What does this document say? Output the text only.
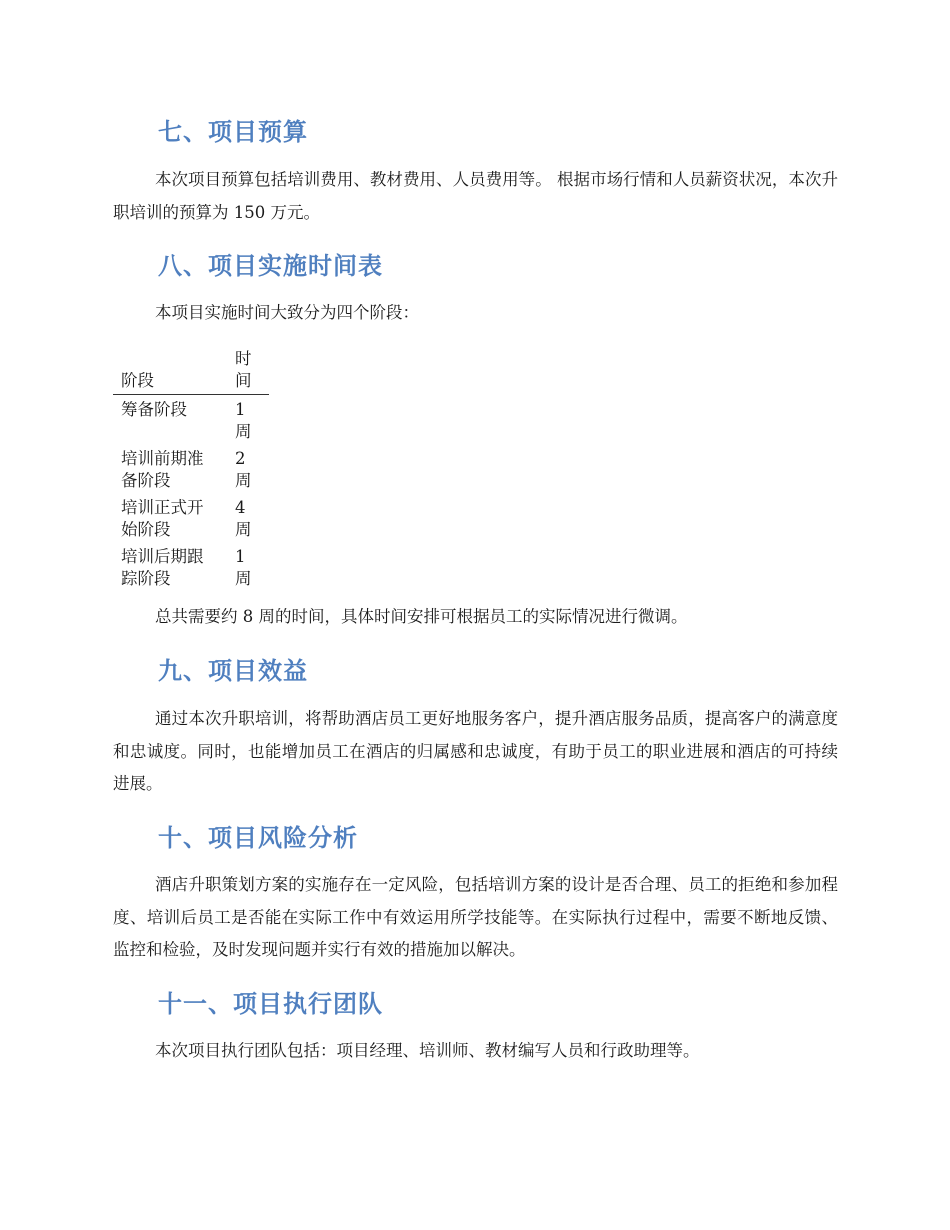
七、项目预算

本次项目预算包括培训费用、教材费用、人员费用等。 根据市场行情和人员薪资状况，本次升职培训的预算为 150 万元。

八、项目实施时间表

本项目实施时间大致分为四个阶段：

阶段	时间
筹备阶段	1 周
培训前期准备阶段	2 周
培训正式开始阶段	4 周
培训后期跟踪阶段	1 周

总共需要约 8 周的时间，具体时间安排可根据员工的实际情况进行微调。

九、项目效益

通过本次升职培训，将帮助酒店员工更好地服务客户，提升酒店服务品质，提高客户的满意度和忠诚度。同时，也能增加员工在酒店的归属感和忠诚度，有助于员工的职业进展和酒店的可持续进展。

十、项目风险分析

酒店升职策划方案的实施存在一定风险，包括培训方案的设计是否合理、员工的拒绝和参加程度、培训后员工是否能在实际工作中有效运用所学技能等。在实际执行过程中，需要不断地反馈、监控和检验，及时发现问题并实行有效的措施加以解决。

十一、项目执行团队

本次项目执行团队包括：项目经理、培训师、教材编写人员和行政助理等。
